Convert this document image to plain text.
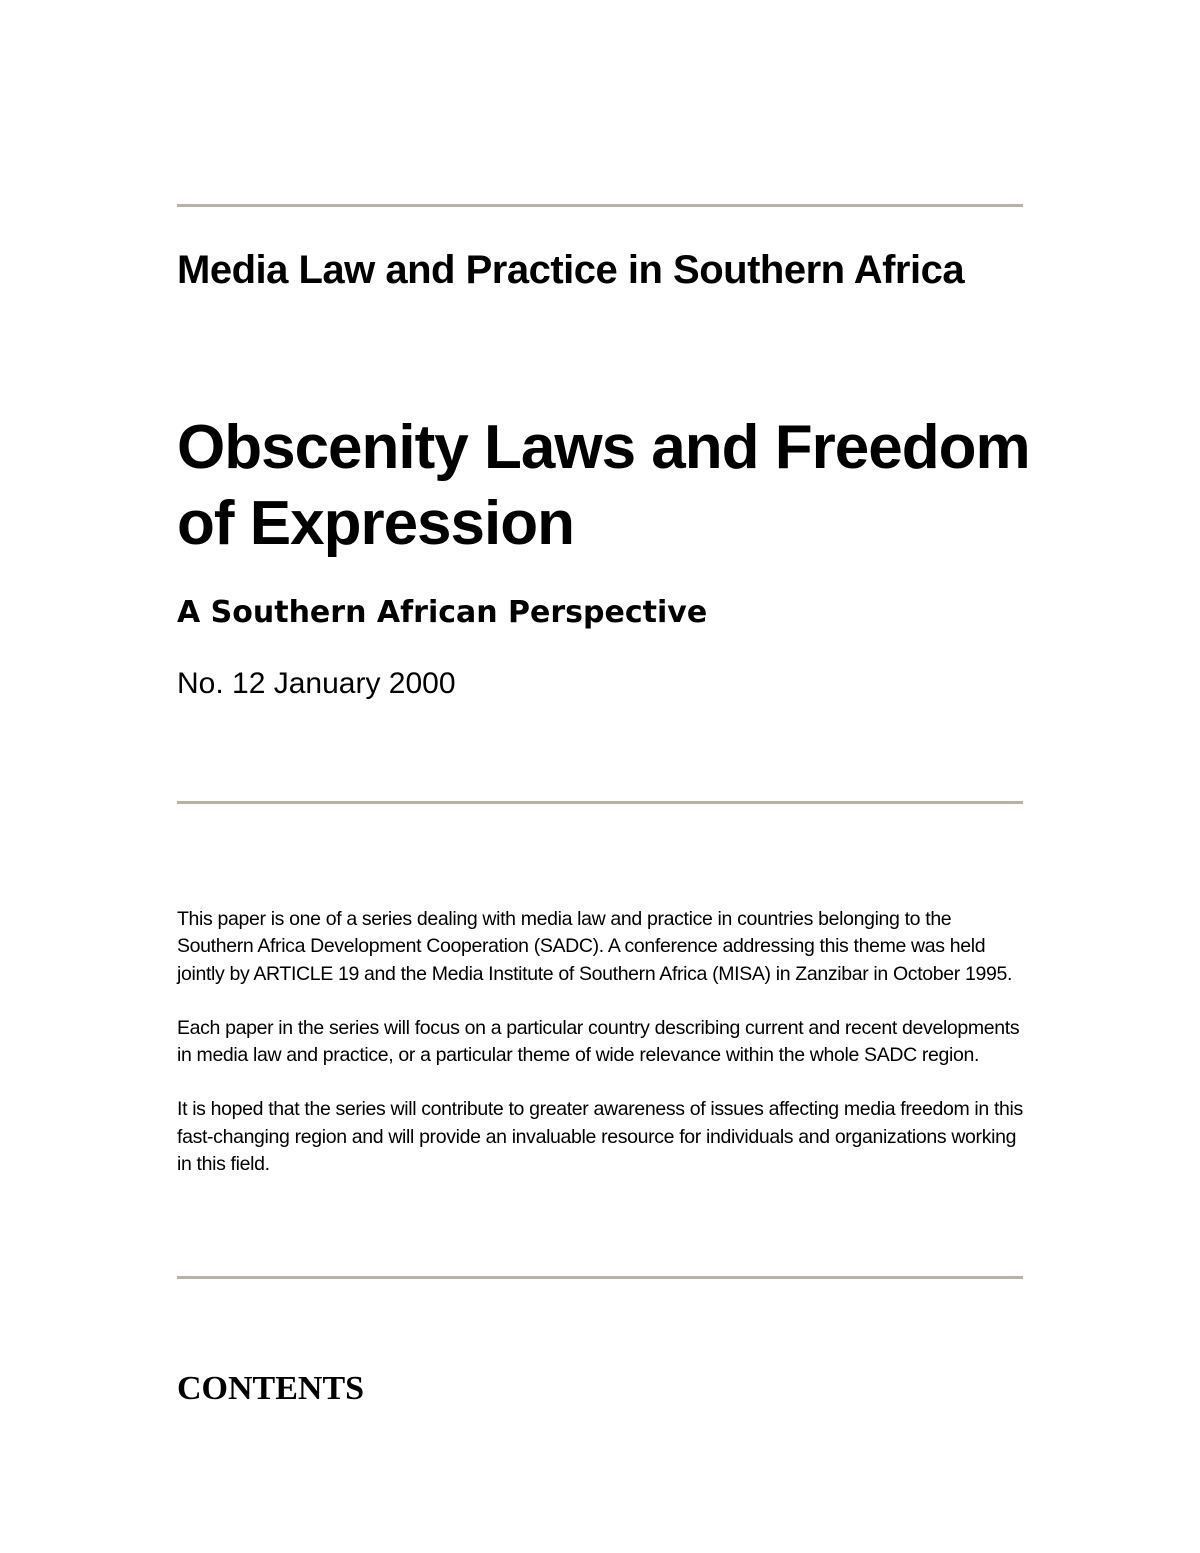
Media Law and Practice in Southern Africa
Obscenity Laws and Freedom of Expression
A Southern African Perspective
No. 12 January 2000

This paper is one of a series dealing with media law and practice in countries belonging to the Southern Africa Development Cooperation (SADC). A conference addressing this theme was held jointly by ARTICLE 19 and the Media Institute of Southern Africa (MISA) in Zanzibar in October 1995.

Each paper in the series will focus on a particular country describing current and recent developments in media law and practice, or a particular theme of wide relevance within the whole SADC region.

It is hoped that the series will contribute to greater awareness of issues affecting media freedom in this fast-changing region and will provide an invaluable resource for individuals and organizations working in this field.

CONTENTS
